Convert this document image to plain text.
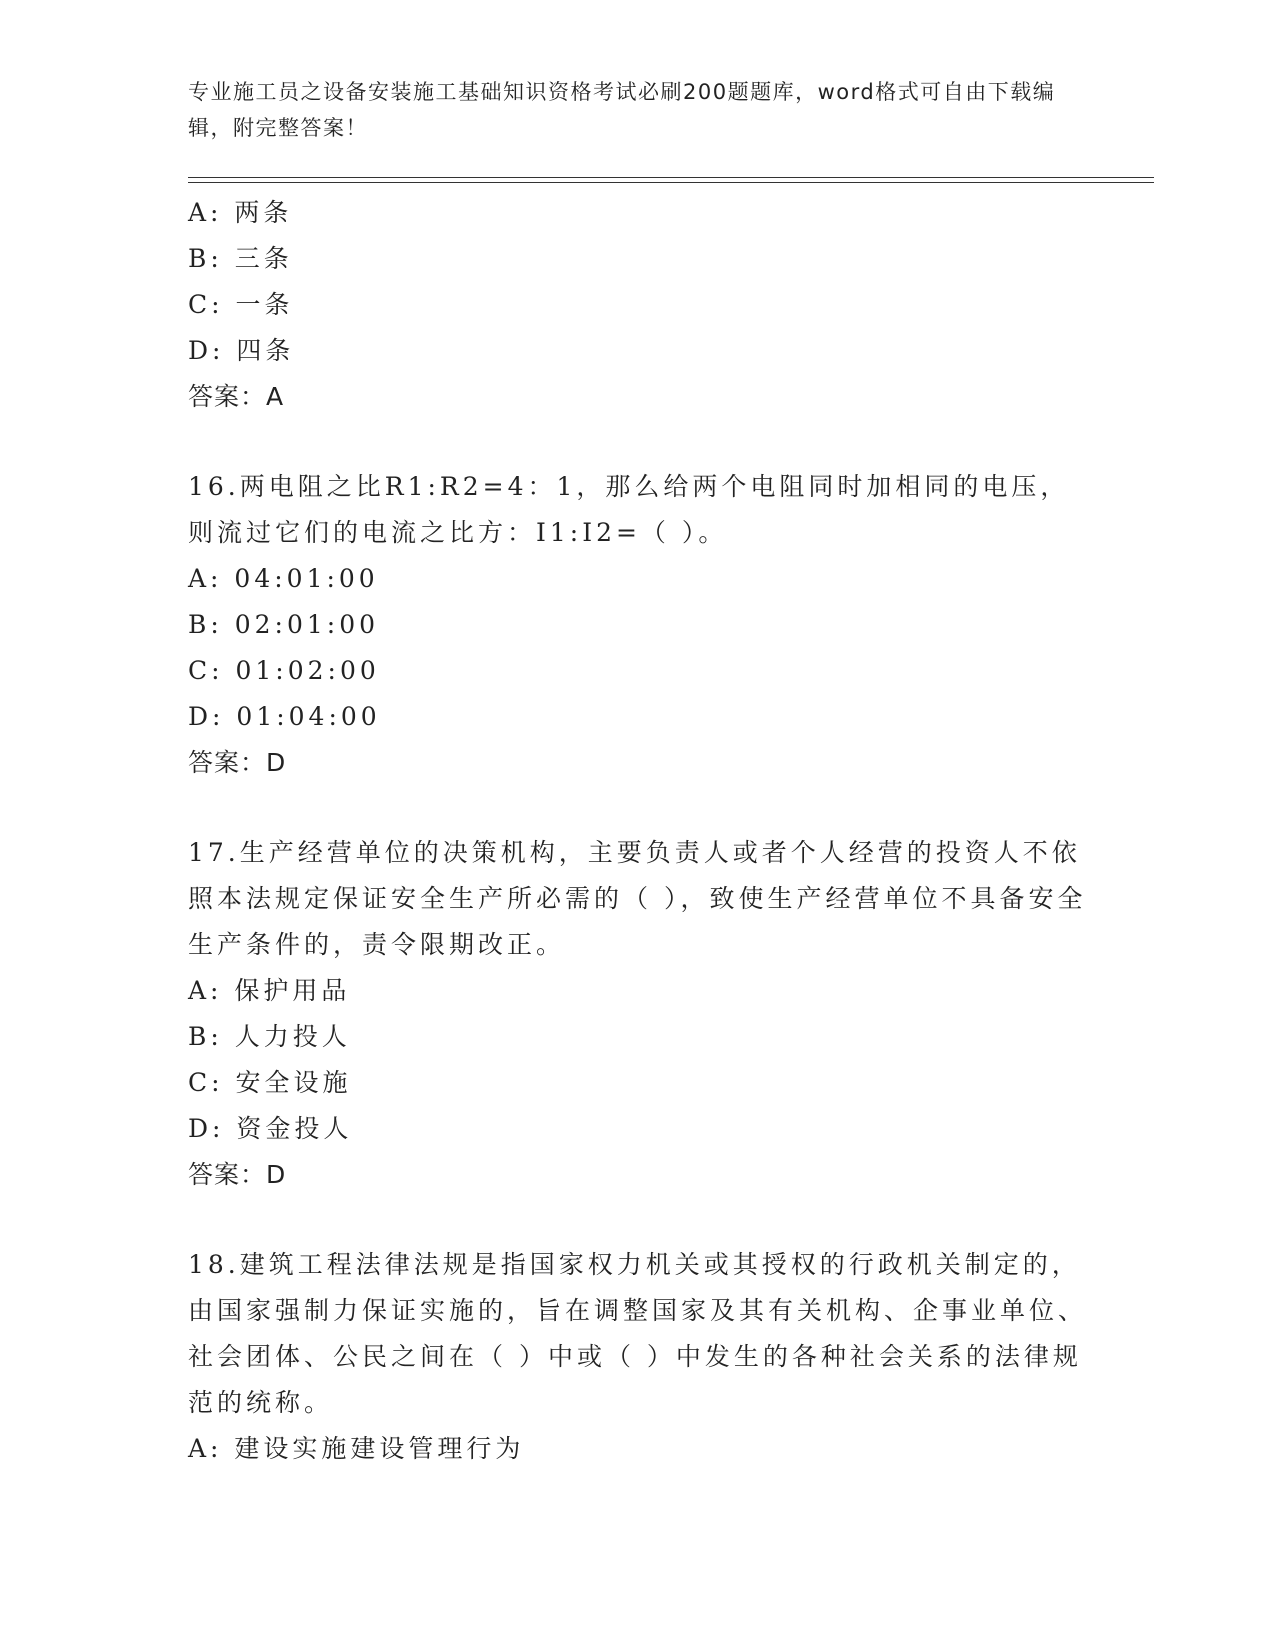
专业施工员之设备安装施工基础知识资格考试必刷200题题库，word格式可自由下载编辑，附完整答案！
A: 两条
B: 三条
C: 一条
D: 四条
答案：A
16.两电阻之比R1:R2=4：1，那么给两个电阻同时加相同的电压，则流过它们的电流之比方：I1:I2=（ ）。
A: 04:01:00
B: 02:01:00
C: 01:02:00
D: 01:04:00
答案：D
17.生产经营单位的决策机构，主要负责人或者个人经营的投资人不依照本法规定保证安全生产所必需的（ ），致使生产经营单位不具备安全生产条件的，责令限期改正。
A: 保护用品
B: 人力投人
C: 安全设施
D: 资金投人
答案：D
18.建筑工程法律法规是指国家权力机关或其授权的行政机关制定的，由国家强制力保证实施的，旨在调整国家及其有关机构、企事业单位、社会团体、公民之间在（ ）中或（ ）中发生的各种社会关系的法律规范的统称。
A: 建设实施建设管理行为
